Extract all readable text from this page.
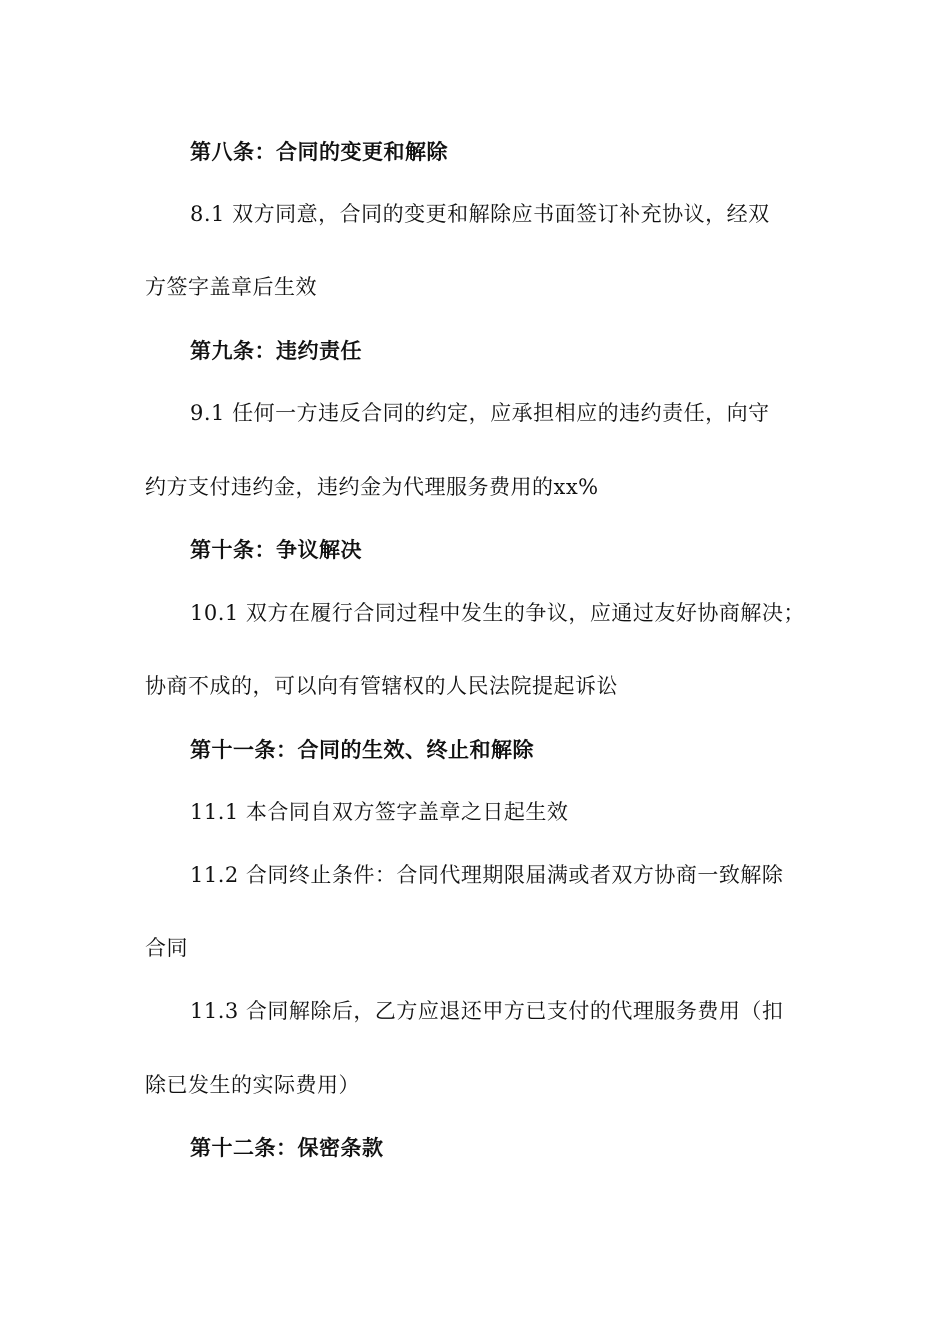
第八条：合同的变更和解除
8.1 双方同意，合同的变更和解除应书面签订补充协议，经双
方签字盖章后生效
第九条：违约责任
9.1 任何一方违反合同的约定，应承担相应的违约责任，向守
约方支付违约金，违约金为代理服务费用的xx%
第十条：争议解决
10.1 双方在履行合同过程中发生的争议，应通过友好协商解决；
协商不成的，可以向有管辖权的人民法院提起诉讼
第十一条：合同的生效、终止和解除
11.1 本合同自双方签字盖章之日起生效
11.2 合同终止条件：合同代理期限届满或者双方协商一致解除
合同
11.3 合同解除后，乙方应退还甲方已支付的代理服务费用（扣
除已发生的实际费用）
第十二条：保密条款
